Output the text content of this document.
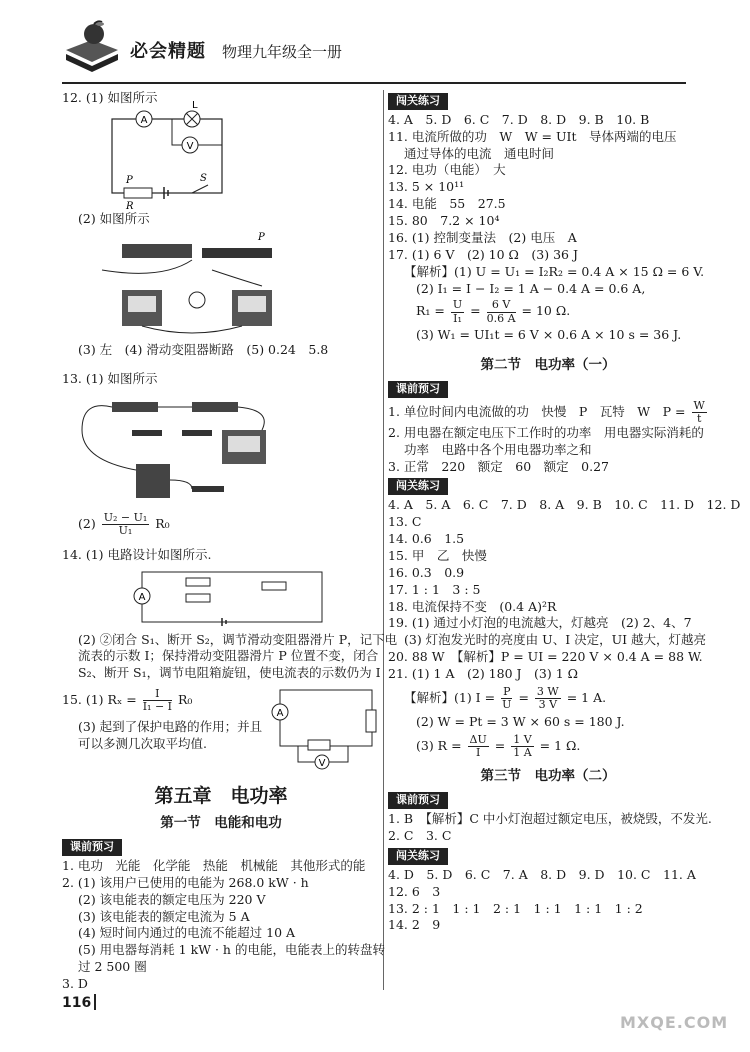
必会精题 物理九年级全一册
12. (1) 如图所示
A
L
V
P
R
S
(2) 如图所示
P
(3) 左　(4) 滑动变阻器断路　(5) 0.24　5.8
13. (1) 如图所示
$(2) \frac{\text{U₂ − U₁}}{\text{U₁}} R_0$
14. (1) 电路设计如图所示.
A
(2) ②闭合 S₁、断开 S₂，调节滑动变阻器滑片 P，记下电
流表的示数 I；保持滑动变阻器滑片 P 位置不变，闭合
S₂、断开 S₁，调节电阻箱旋钮，使电流表的示数仍为 I
15. (1) $R_x = \frac{I}{\text{I₁ − I}} R_0$
(3) 起到了保护电路的作用；并且
可以多测几次取平均值.
A
V
第五章　电功率
第一节　电能和电功
课前预习
1. 电功　光能　化学能　热能　机械能　其他形式的能
2. (1) 该用户已使用的电能为 268.0 kW · h
(2) 该电能表的额定电压为 220 V
(3) 该电能表的额定电流为 5 A
(4) 短时间内通过的电流不能超过 10 A
(5) 用电器每消耗 1 kW · h 的电能，电能表上的转盘转
过 2 500 圈
3. D
闯关练习
4. A　5. D　6. C　7. D　8. D　9. B　10. B
11. 电流所做的功　W　W = UIt　导体两端的电压
通过导体的电流　通电时间
12. 电功（电能）　大
13. 5 × 10¹¹
14. 电能　55　27.5
15. 80　7.2 × 10⁴
16. (1) 控制变量法　(2) 电压　A
17. (1) 6 V　(2) 10 Ω　(3) 36 J
【解析】(1) U = U₁ = I₂R₂ = 0.4 A × 15 Ω = 6 V.
(2) I₁ = I − I₂ = 1 A − 0.4 A = 0.6 A,
$R_1 = \frac{U}{\text{I₁}} = \frac{6 V}{0.6 A} = 10$ Ω.
(3) W₁ = UI₁t = 6 V × 0.6 A × 10 s = 36 J.
第二节　电功率（一）
课前预习
1. 单位时间内电流做的功　快慢　P　瓦特　W　$P = \frac{W}{t}$
2. 用电器在额定电压下工作时的功率　用电器实际消耗的
功率　电路中各个用电器功率之和
3. 正常　220　额定　60　额定　0.27
闯关练习
4. A　5. A　6. C　7. D　8. A　9. B　10. C　11. D　12. D
13. C
14. 0.6　1.5
15. 甲　乙　快慢
16. 0.3　0.9
17. 1 : 1　3 : 5
18. 电流保持不变　(0.4 A)²R
19. (1) 通过小灯泡的电流越大，灯越亮　(2) 2、4、7
(3) 灯泡发光时的亮度由 U、I 决定，UI 越大，灯越亮
20. 88 W　【解析】P = UI = 220 V × 0.4 A = 88 W.
21. (1) 1 A　(2) 180 J　(3) 1 Ω
【解析】(1) $I = \frac{P}{U} = \frac{3 W}{3 V} = 1$ A.
(2) W = Pt = 3 W × 60 s = 180 J.
(3) $R = \frac{\Delta U}{I} = \frac{1 V}{1 A} = 1$ Ω.
第三节　电功率（二）
课前预习
1. B　【解析】C 中小灯泡超过额定电压，被烧毁，不发光.
2. C　3. C
闯关练习
4. D　5. D　6. C　7. A　8. D　9. D　10. C　11. A
12. 6　3
13. 2 : 1　1 : 1　2 : 1　1 : 1　1 : 1　1 : 2
14. 2　9
116
MXQE.COM
